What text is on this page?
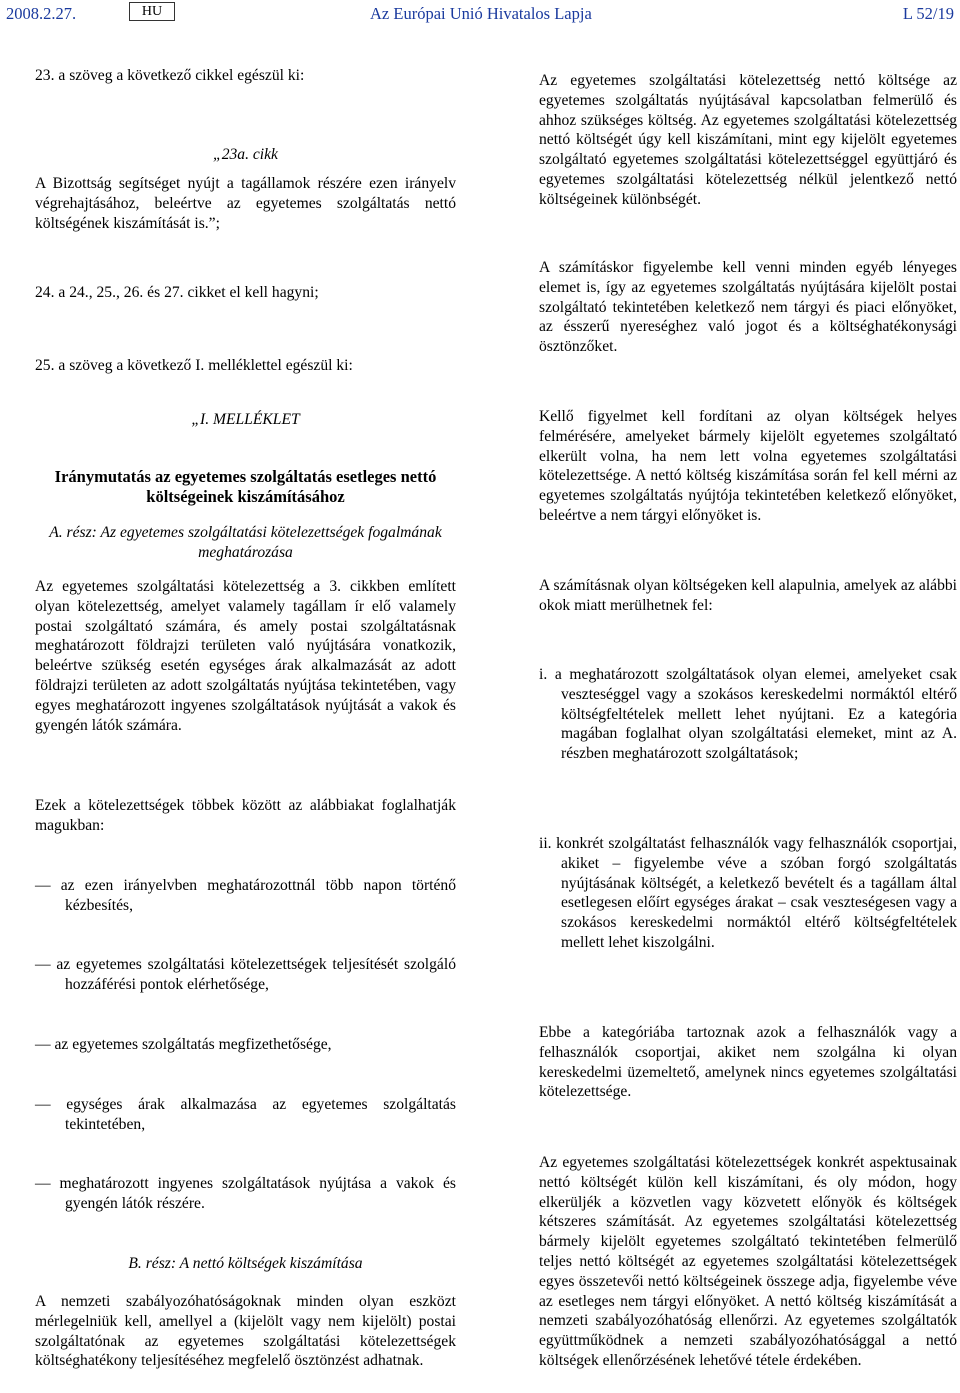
2008.2.27.	HU	Az Európai Unió Hivatalos Lapja	L 52/19

23. a szöveg a következő cikkel egészül ki:

„23a. cikk

A Bizottság segítséget nyújt a tagállamok részére ezen irányelv végrehajtásához, beleértve az egyetemes szolgáltatás nettó költségének kiszámítását is.”;

24. a 24., 25., 26. és 27. cikket el kell hagyni;

25. a szöveg a következő I. melléklettel egészül ki:

„I. MELLÉKLET

Iránymutatás az egyetemes szolgáltatás esetleges nettó költségeinek kiszámításához

A. rész: Az egyetemes szolgáltatási kötelezettségek fogalmának meghatározása

Az egyetemes szolgáltatási kötelezettség a 3. cikkben említett olyan kötelezettség, amelyet valamely tagállam ír elő valamely postai szolgáltató számára, és amely postai szolgáltatásnak meghatározott földrajzi területen való nyújtására vonatkozik, beleértve szükség esetén egységes árak alkalmazását az adott földrajzi területen az adott szolgáltatás nyújtása tekintetében, vagy egyes meghatározott ingyenes szolgáltatások nyújtását a vakok és gyengén látók számára.

Ezek a kötelezettségek többek között az alábbiakat foglalhatják magukban:

— az ezen irányelvben meghatározottnál több napon történő kézbesítés,

— az egyetemes szolgáltatási kötelezettségek teljesítését szolgáló hozzáférési pontok elérhetősége,

— az egyetemes szolgáltatás megfizethetősége,

— egységes árak alkalmazása az egyetemes szolgáltatás tekintetében,

— meghatározott ingyenes szolgáltatások nyújtása a vakok és gyengén látók részére.

B. rész: A nettó költségek kiszámítása

A nemzeti szabályozóhatóságoknak minden olyan eszközt mérlegelniük kell, amellyel a (kijelölt vagy nem kijelölt) postai szolgáltatónak az egyetemes szolgáltatási kötelezettségek költséghatékony teljesítéséhez megfelelő ösztönzést adhatnak.

Az egyetemes szolgáltatási kötelezettség nettó költsége az egyetemes szolgáltatás nyújtásával kapcsolatban felmerülő és ahhoz szükséges költség. Az egyetemes szolgáltatási kötelezettség nettó költségét úgy kell kiszámítani, mint egy kijelölt egyetemes szolgáltató egyetemes szolgáltatási kötelezettséggel együttjáró és egyetemes szolgáltatási kötelezettség nélkül jelentkező nettó költségeinek különbségét.

A számításkor figyelembe kell venni minden egyéb lényeges elemet is, így az egyetemes szolgáltatás nyújtására kijelölt postai szolgáltató tekintetében keletkező nem tárgyi és piaci előnyöket, az ésszerű nyereséghez való jogot és a költséghatékonysági ösztönzőket.

Kellő figyelmet kell fordítani az olyan költségek helyes felmérésére, amelyeket bármely kijelölt egyetemes szolgáltató elkerült volna, ha nem lett volna egyetemes szolgáltatási kötelezettsége. A nettó költség kiszámítása során fel kell mérni az egyetemes szolgáltatás nyújtója tekintetében keletkező előnyöket, beleértve a nem tárgyi előnyöket is.

A számításnak olyan költségeken kell alapulnia, amelyek az alábbi okok miatt merülhetnek fel:

i. a meghatározott szolgáltatások olyan elemei, amelyeket csak veszteséggel vagy a szokásos kereskedelmi normáktól eltérő költségfeltételek mellett lehet nyújtani. Ez a kategória magában foglalhat olyan szolgáltatási elemeket, mint az A. részben meghatározott szolgáltatások;

ii. konkrét szolgáltatást felhasználók vagy felhasználók csoportjai, akiket – figyelembe véve a szóban forgó szolgáltatás nyújtásának költségét, a keletkező bevételt és a tagállam által esetlegesen előírt egységes árakat – csak veszteségesen vagy a szokásos kereskedelmi normáktól eltérő költségfeltételek mellett lehet kiszolgálni.

Ebbe a kategóriába tartoznak azok a felhasználók vagy a felhasználók csoportjai, akiket nem szolgálna ki olyan kereskedelmi üzemeltető, amelynek nincs egyetemes szolgáltatási kötelezettsége.

Az egyetemes szolgáltatási kötelezettségek konkrét aspektusainak nettó költségét külön kell kiszámítani, és oly módon, hogy elkerüljék a közvetlen vagy közvetett előnyök és költségek kétszeres számítását. Az egyetemes szolgáltatási kötelezettség bármely kijelölt egyetemes szolgáltató tekintetében felmerülő teljes nettó költségét az egyetemes szolgáltatási kötelezettségek egyes összetevői nettó költségeinek összege adja, figyelembe véve az esetleges nem tárgyi előnyöket. A nettó költség kiszámítását a nemzeti szabályozóhatóság ellenőrzi. Az egyetemes szolgáltatók együttműködnek a nemzeti szabályozóhatósággal a nettó költségek ellenőrzésének lehetővé tétele érdekében.
